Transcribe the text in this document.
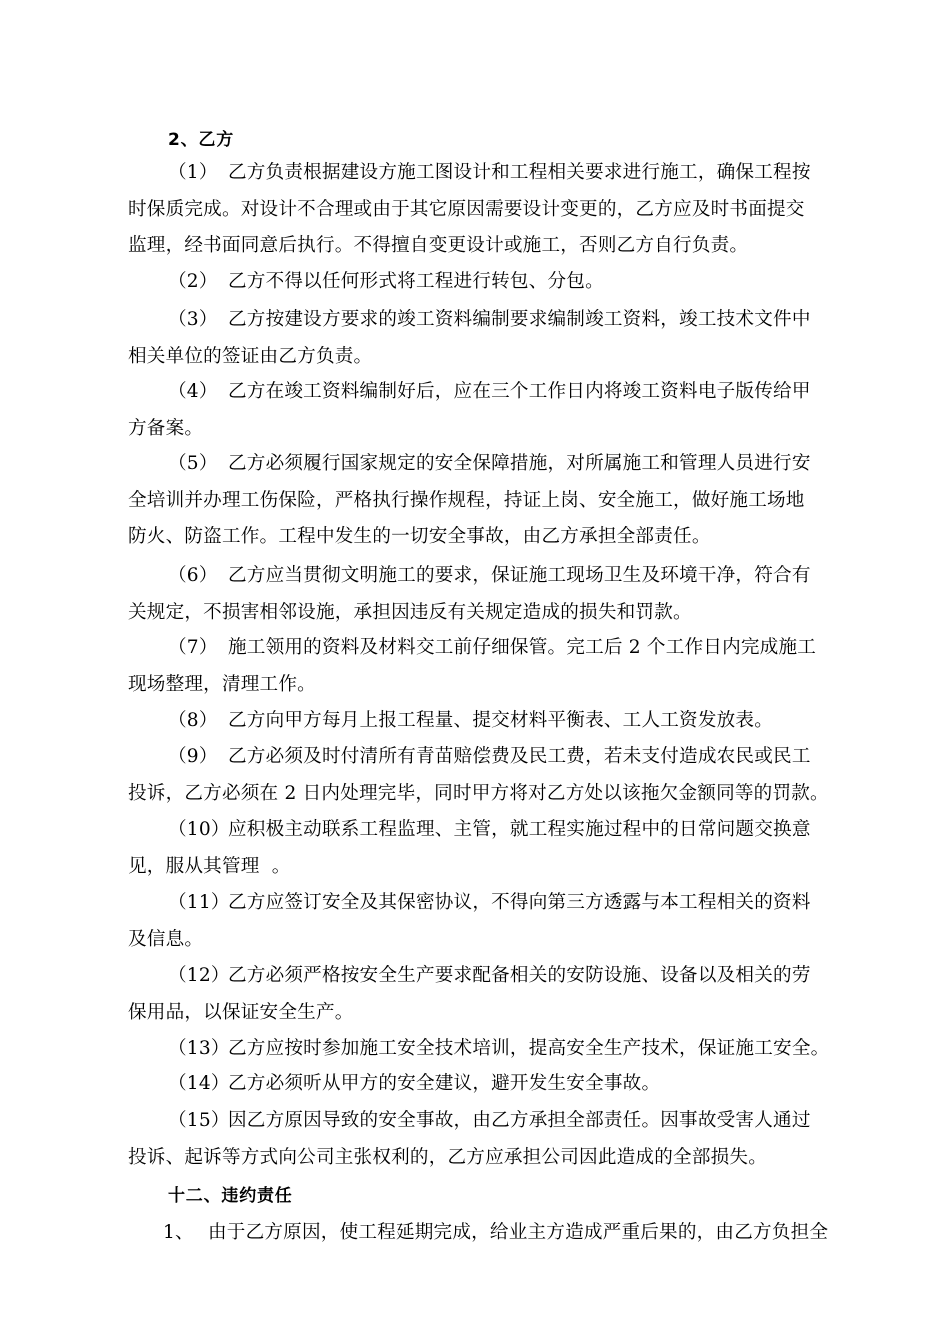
2、乙方
（1） 乙方负责根据建设方施工图设计和工程相关要求进行施工，确保工程按
时保质完成。对设计不合理或由于其它原因需要设计变更的，乙方应及时书面提交
监理，经书面同意后执行。不得擅自变更设计或施工，否则乙方自行负责。
（2） 乙方不得以任何形式将工程进行转包、分包。
（3） 乙方按建设方要求的竣工资料编制要求编制竣工资料，竣工技术文件中
相关单位的签证由乙方负责。
（4） 乙方在竣工资料编制好后，应在三个工作日内将竣工资料电子版传给甲
方备案。
（5） 乙方必须履行国家规定的安全保障措施，对所属施工和管理人员进行安
全培训并办理工伤保险，严格执行操作规程，持证上岗、安全施工，做好施工场地
防火、防盗工作。工程中发生的一切安全事故，由乙方承担全部责任。
（6） 乙方应当贯彻文明施工的要求，保证施工现场卫生及环境干净，符合有
关规定，不损害相邻设施，承担因违反有关规定造成的损失和罚款。
（7） 施工领用的资料及材料交工前仔细保管。完工后 2 个工作日内完成施工
现场整理，清理工作。
（8） 乙方向甲方每月上报工程量、提交材料平衡表、工人工资发放表。
（9） 乙方必须及时付清所有青苗赔偿费及民工费，若未支付造成农民或民工
投诉，乙方必须在 2 日内处理完毕，同时甲方将对乙方处以该拖欠金额同等的罚款。
（10）
应积极主动联系工程监理、主管，就工程实施过程中的日常问题交换意
见，服从其管理  。
（11）
乙方应签订安全及其保密协议，不得向第三方透露与本工程相关的资料
及信息。
（12）
乙方必须严格按安全生产要求配备相关的安防设施、设备以及相关的劳
保用品，以保证安全生产。
（13）
乙方应按时参加施工安全技术培训，提高安全生产技术，保证施工安全。
（14）
乙方必须听从甲方的安全建议，避开发生安全事故。
（15）
因乙方原因导致的安全事故，由乙方承担全部责任。因事故受害人通过
投诉、起诉等方式向公司主张权利的，乙方应承担公司因此造成的全部损失。
十二、违约责任
1、 由于乙方原因，使工程延期完成，给业主方造成严重后果的，由乙方负担全
